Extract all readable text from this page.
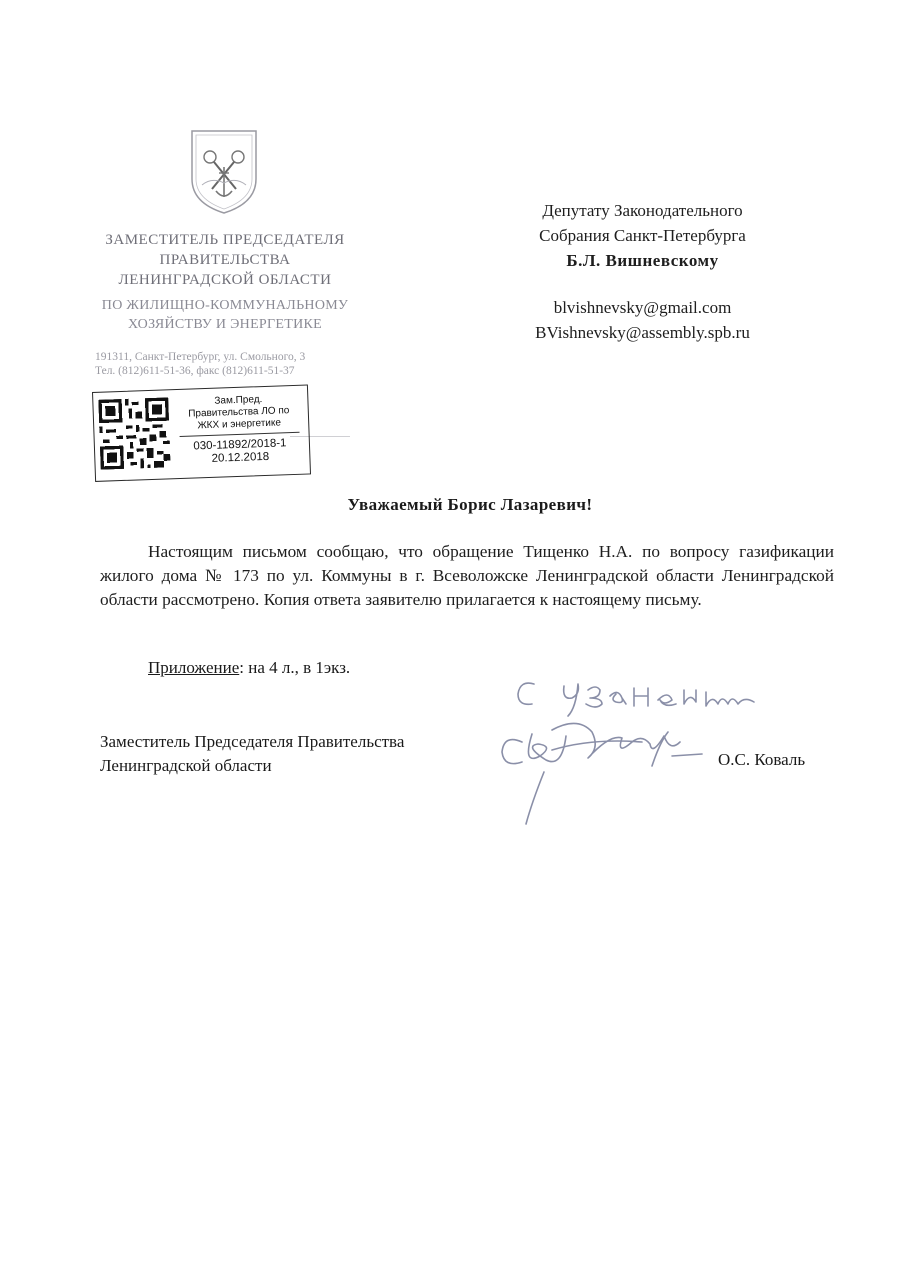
ЗАМЕСТИТЕЛЬ ПРЕДСЕДАТЕЛЯ
ПРАВИТЕЛЬСТВА
ЛЕНИНГРАДСКОЙ ОБЛАСТИ
ПО ЖИЛИЩНО-КОММУНАЛЬНОМУ
ХОЗЯЙСТВУ И ЭНЕРГЕТИКЕ
191311, Санкт-Петербург, ул. Смольного, 3
Тел. (812)611-51-36, факс (812)611-51-37
Зам.Пред.
Правительства ЛО по
ЖКХ и энергетике
030-11892/2018-1
20.12.2018
Депутату Законодательного
Собрания Санкт-Петербурга
Б.Л. Вишневскому
blvishnevsky@gmail.com
BVishnevsky@assembly.spb.ru
Уважаемый Борис Лазаревич!
Настоящим письмом сообщаю, что обращение Тищенко Н.А. по вопросу газификации жилого дома № 173 по ул. Коммуны в г. Всеволожске Ленинградской области Ленинградской области рассмотрено. Копия ответа заявителю прилагается к настоящему письму.
Приложение: на 4 л., в 1экз.
Заместитель Председателя Правительства
Ленинградской области	О.С. Коваль
